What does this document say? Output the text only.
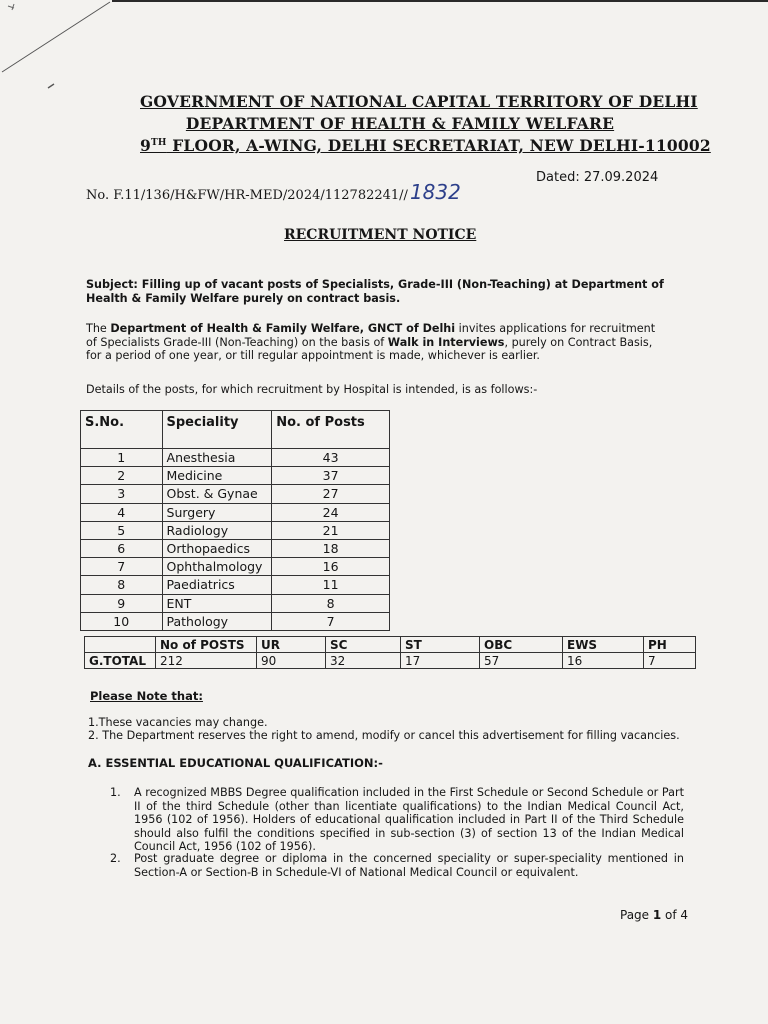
GOVERNMENT OF NATIONAL CAPITAL TERRITORY OF DELHI
DEPARTMENT OF HEALTH & FAMILY WELFARE
9TH FLOOR, A-WING, DELHI SECRETARIAT, NEW DELHI-110002
No. F.11/136/H&FW/HR-MED/2024/112782241// 1832
Dated: 27.09.2024
RECRUITMENT NOTICE
Subject: Filling up of vacant posts of Specialists, Grade-III (Non-Teaching) at Department of Health & Family Welfare purely on contract basis.
The Department of Health & Family Welfare, GNCT of Delhi invites applications for recruitment of Specialists Grade-III (Non-Teaching) on the basis of Walk in Interviews, purely on Contract Basis, for a period of one year, or till regular appointment is made, whichever is earlier.
Details of the posts, for which recruitment by Hospital is intended, is as follows:-
S.No.	Speciality	No. of Posts
1	Anesthesia	43
2	Medicine	37
3	Obst. & Gynae	27
4	Surgery	24
5	Radiology	21
6	Orthopaedics	18
7	Ophthalmology	16
8	Paediatrics	11
9	ENT	8
10	Pathology	7
	No of POSTS	UR	SC	ST	OBC	EWS	PH
G.TOTAL	212	90	32	17	57	16	7
Please Note that:
1.These vacancies may change.
2. The Department reserves the right to amend, modify or cancel this advertisement for filling vacancies.
A. ESSENTIAL EDUCATIONAL QUALIFICATION:-
1. A recognized MBBS Degree qualification included in the First Schedule or Second Schedule or Part II of the third Schedule (other than licentiate qualifications) to the Indian Medical Council Act, 1956 (102 of 1956). Holders of educational qualification included in Part II of the Third Schedule should also fulfil the conditions specified in sub-section (3) of section 13 of the Indian Medical Council Act, 1956 (102 of 1956).
2. Post graduate degree or diploma in the concerned speciality or super-speciality mentioned in Section-A or Section-B in Schedule-VI of National Medical Council or equivalent.
Page 1 of 4
